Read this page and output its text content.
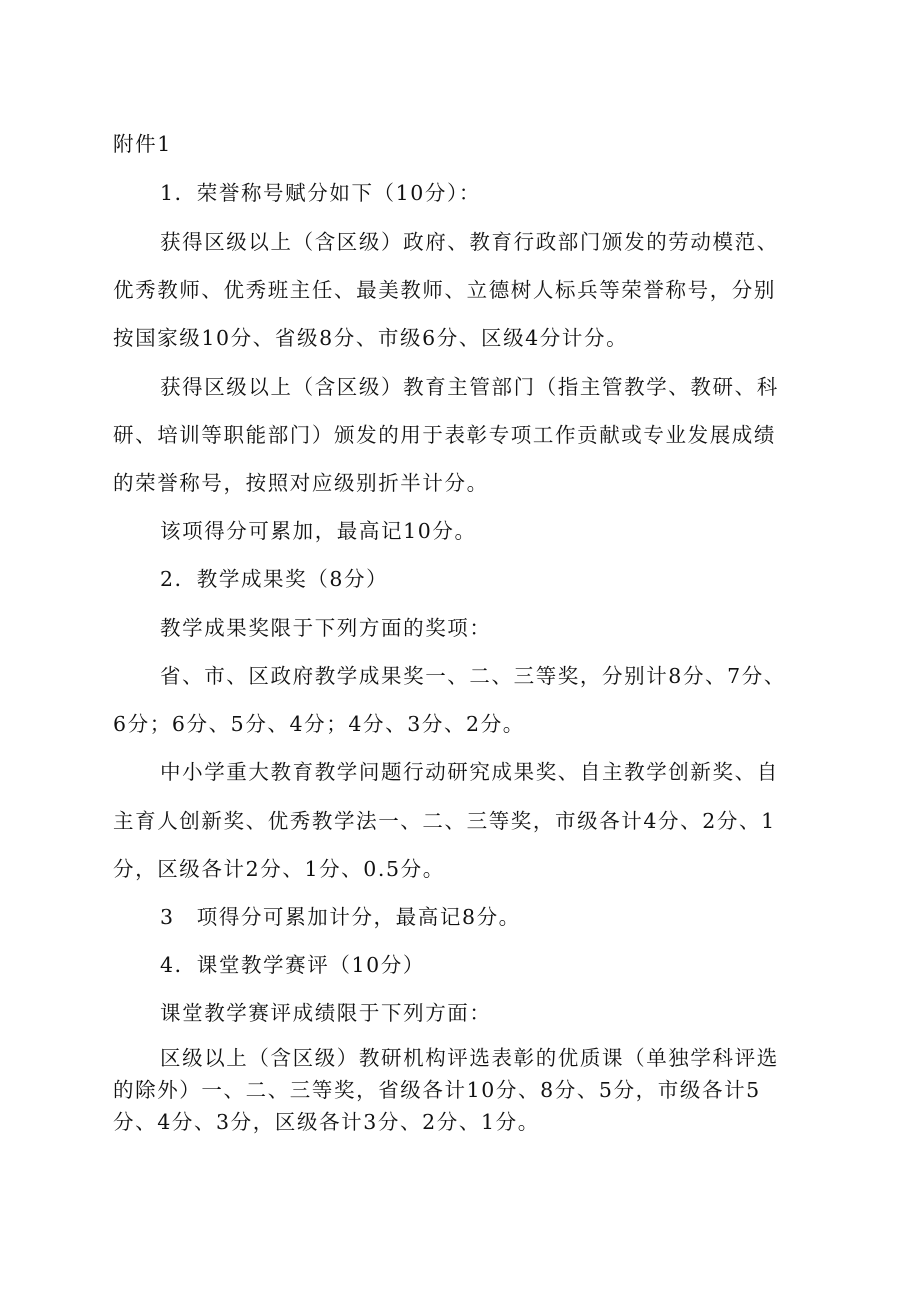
附件1
1．荣誉称号赋分如下（10分）：
获得区级以上（含区级）政府、教育行政部门颁发的劳动模范、
优秀教师、优秀班主任、最美教师、立德树人标兵等荣誉称号，分别
按国家级10分、省级8分、市级6分、区级4分计分。
获得区级以上（含区级）教育主管部门（指主管教学、教研、科
研、培训等职能部门）颁发的用于表彰专项工作贡献或专业发展成绩
的荣誉称号，按照对应级别折半计分。
该项得分可累加，最高记10分。
2．教学成果奖（8分）
教学成果奖限于下列方面的奖项：
省、市、区政府教学成果奖一、二、三等奖，分别计8分、7分、
6分；6分、5分、4分；4分、3分、2分。
中小学重大教育教学问题行动研究成果奖、自主教学创新奖、自
主育人创新奖、优秀教学法一、二、三等奖，市级各计4分、2分、1
分，区级各计2分、1分、0.5分。
3　项得分可累加计分，最高记8分。
4．课堂教学赛评（10分）
课堂教学赛评成绩限于下列方面：
区级以上（含区级）教研机构评选表彰的优质课（单独学科评选
的除外）一、二、三等奖，省级各计10分、8分、5分，市级各计5
分、4分、3分，区级各计3分、2分、1分。
